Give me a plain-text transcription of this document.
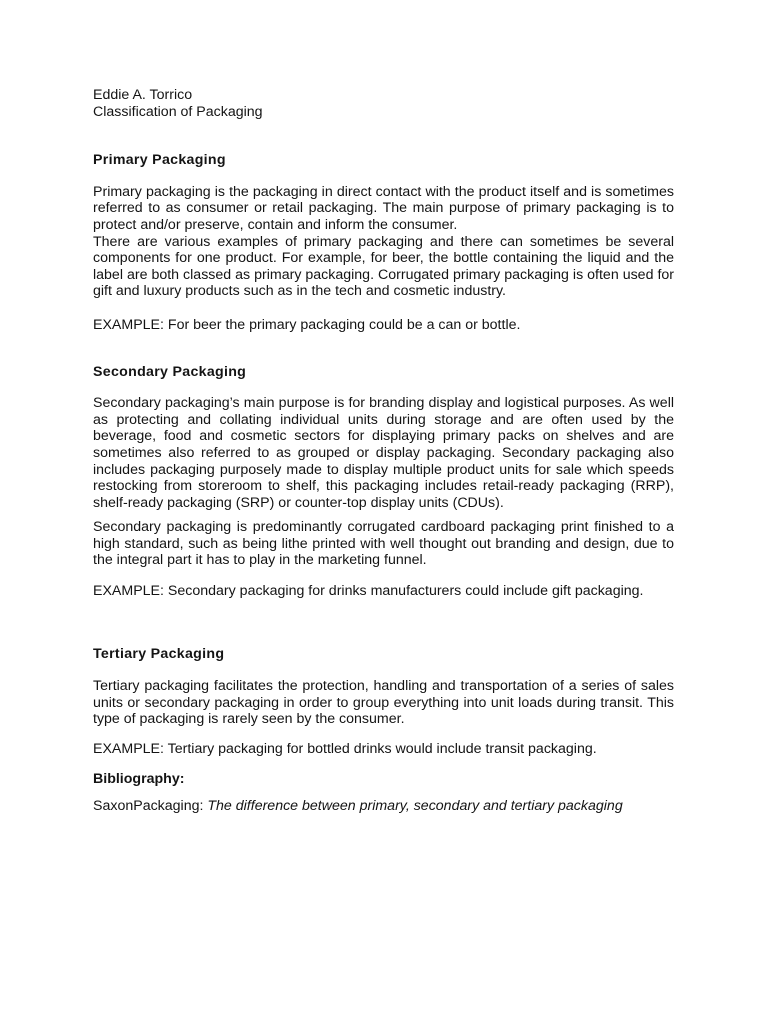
Eddie A. Torrico
Classification of Packaging
Primary Packaging

Primary packaging is the packaging in direct contact with the product itself and is sometimes referred to as consumer or retail packaging. The main purpose of primary packaging is to protect and/or preserve, contain and inform the consumer.

There are various examples of primary packaging and there can sometimes be several components for one product. For example, for beer, the bottle containing the liquid and the label are both classed as primary packaging. Corrugated primary packaging is often used for gift and luxury products such as in the tech and cosmetic industry.

EXAMPLE: For beer the primary packaging could be a can or bottle.

Secondary Packaging

Secondary packaging’s main purpose is for branding display and logistical purposes. As well as protecting and collating individual units during storage and are often used by the beverage, food and cosmetic sectors for displaying primary packs on shelves and are sometimes also referred to as grouped or display packaging. Secondary packaging also includes packaging purposely made to display multiple product units for sale which speeds restocking from storeroom to shelf, this packaging includes retail-ready packaging (RRP), shelf-ready packaging (SRP) or counter-top display units (CDUs).

Secondary packaging is predominantly corrugated cardboard packaging print finished to a high standard, such as being lithe printed with well thought out branding and design, due to the integral part it has to play in the marketing funnel.

EXAMPLE: Secondary packaging for drinks manufacturers could include gift packaging.

Tertiary Packaging

Tertiary packaging facilitates the protection, handling and transportation of a series of sales units or secondary packaging in order to group everything into unit loads during transit. This type of packaging is rarely seen by the consumer.

EXAMPLE: Tertiary packaging for bottled drinks would include transit packaging.

Bibliography:
SaxonPackaging: The difference between primary, secondary and tertiary packaging
